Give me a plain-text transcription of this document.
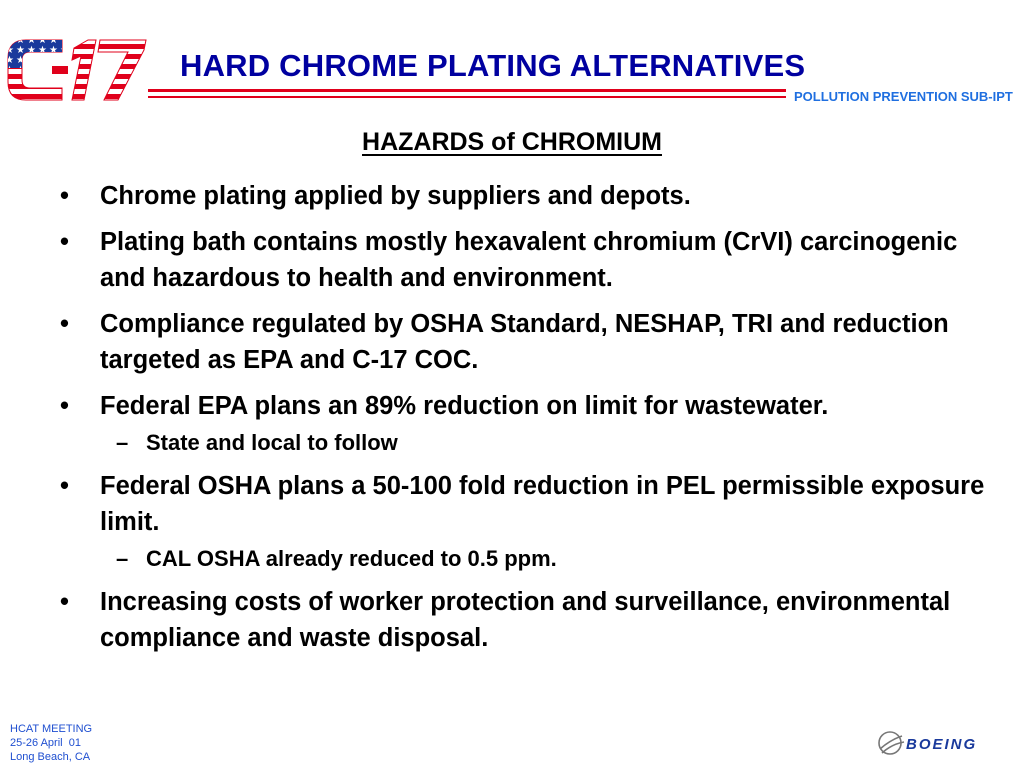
C-17	HARD CHROME PLATING ALTERNATIVES
POLLUTION PREVENTION SUB-IPT
HAZARDS of CHROMIUM
• Chrome plating applied by suppliers and depots.
• Plating bath contains mostly hexavalent chromium (CrVI) carcinogenic and hazardous to health and environment.
• Compliance regulated by OSHA Standard, NESHAP, TRI and reduction targeted as EPA and C-17 COC.
• Federal EPA plans an 89% reduction on limit for wastewater.
– State and local to follow
• Federal OSHA plans a 50-100 fold reduction in PEL permissible exposure limit.
– CAL OSHA already reduced to 0.5 ppm.
• Increasing costs of worker protection and surveillance, environmental compliance and waste disposal.
HCAT MEETING
25-26 April  01
Long Beach, CA
BOEING
